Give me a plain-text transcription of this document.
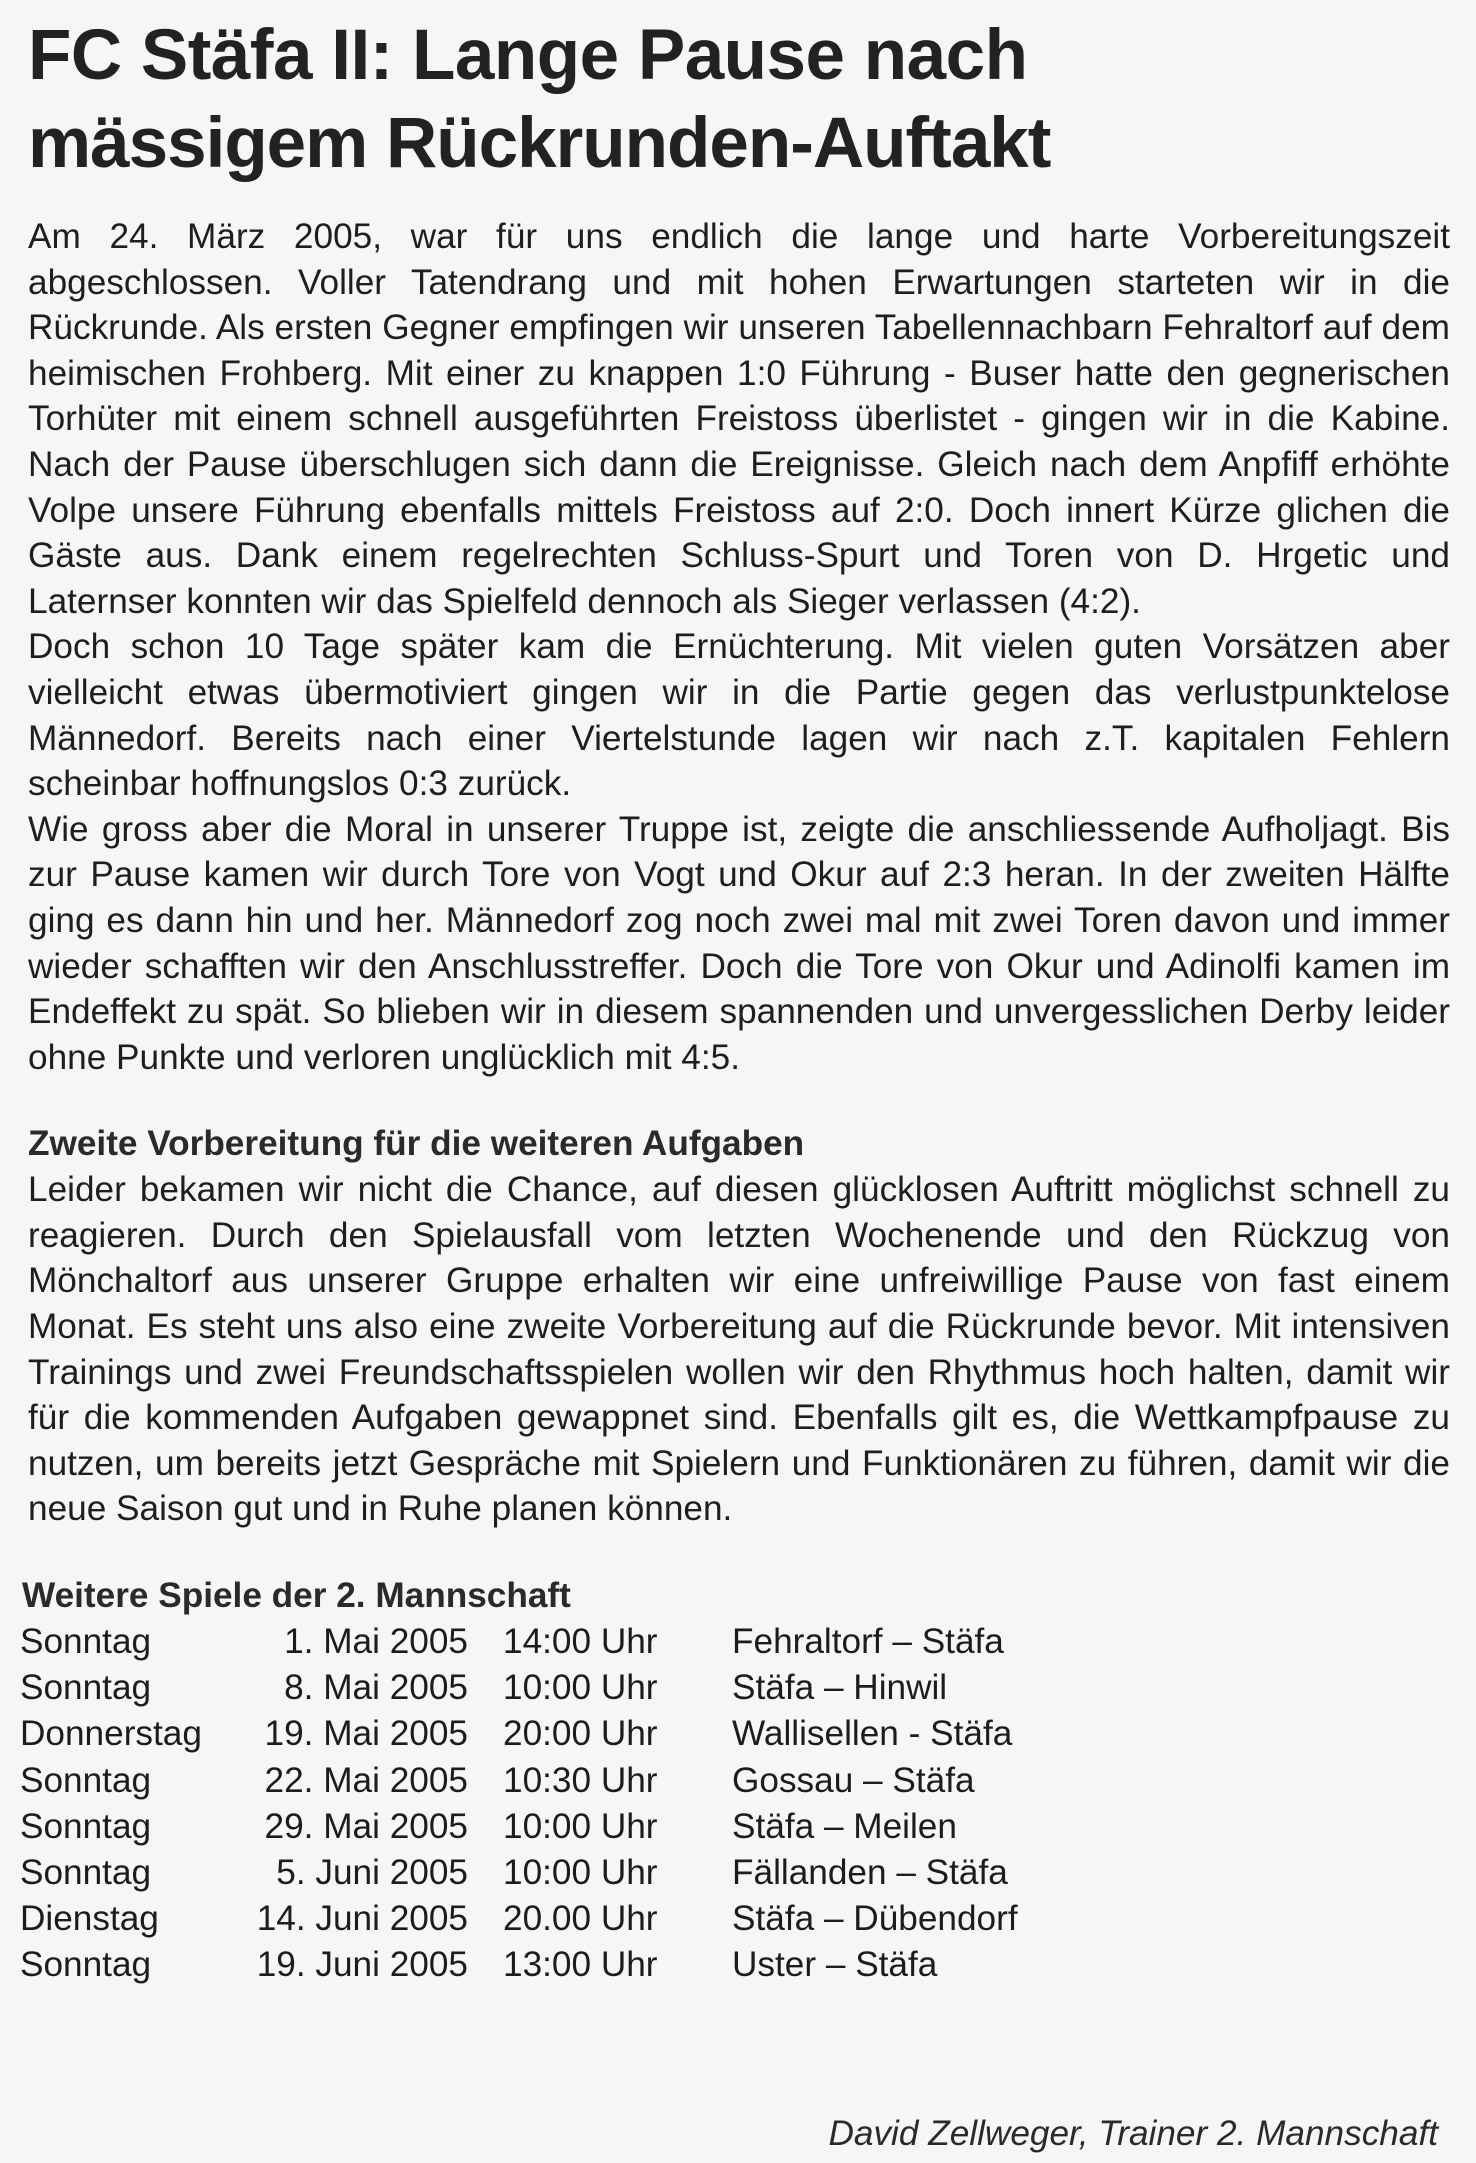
FC Stäfa II: Lange Pause nach
mässigem Rückrunden-Auftakt

Am 24. März 2005, war für uns endlich die lange und harte Vorbereitungszeit abgeschlossen. Voller Tatendrang und mit hohen Erwartungen starteten wir in die Rückrunde. Als ersten Gegner empfingen wir unseren Tabellennachbarn Fehraltorf auf dem heimischen Frohberg. Mit einer zu knappen 1:0 Führung - Buser hatte den gegnerischen Torhüter mit einem schnell ausgeführten Freistoss überlistet - gingen wir in die Kabine. Nach der Pause überschlugen sich dann die Ereignisse. Gleich nach dem Anpfiff erhöhte Volpe unsere Führung ebenfalls mittels Freistoss auf 2:0. Doch innert Kürze glichen die Gäste aus. Dank einem regelrechten Schluss-Spurt und Toren von D. Hrgetic und Laternser konnten wir das Spielfeld dennoch als Sieger verlassen (4:2).

Doch schon 10 Tage später kam die Ernüchterung. Mit vielen guten Vorsätzen aber vielleicht etwas übermotiviert gingen wir in die Partie gegen das verlustpunktelose Männedorf. Bereits nach einer Viertelstunde lagen wir nach z.T. kapitalen Fehlern scheinbar hoffnungslos 0:3 zurück.

Wie gross aber die Moral in unserer Truppe ist, zeigte die anschliessende Aufholjagt. Bis zur Pause kamen wir durch Tore von Vogt und Okur auf 2:3 heran. In der zweiten Hälfte ging es dann hin und her. Männedorf zog noch zwei mal mit zwei Toren davon und immer wieder schafften wir den Anschlusstreffer. Doch die Tore von Okur und Adinolfi kamen im Endeffekt zu spät. So blieben wir in diesem spannenden und unvergesslichen Derby leider ohne Punkte und verloren unglücklich mit 4:5.

Zweite Vorbereitung für die weiteren Aufgaben

Leider bekamen wir nicht die Chance, auf diesen glücklosen Auftritt möglichst schnell zu reagieren. Durch den Spielausfall vom letzten Wochenende und den Rückzug von Mönchaltorf aus unserer Gruppe erhalten wir eine unfreiwillige Pause von fast einem Monat. Es steht uns also eine zweite Vorbereitung auf die Rückrunde bevor. Mit intensiven Trainings und zwei Freundschaftsspielen wollen wir den Rhythmus hoch halten, damit wir für die kommenden Aufgaben gewappnet sind. Ebenfalls gilt es, die Wettkampfpause zu nutzen, um bereits jetzt Gespräche mit Spielern und Funktionären zu führen, damit wir die neue Saison gut und in Ruhe planen können.

Weitere Spiele der 2. Mannschaft
Sonntag	1. Mai 2005 14:00 Uhr Fehraltorf – Stäfa
Sonntag	8. Mai 2005 10:00 Uhr Stäfa – Hinwil
Donnerstag	19. Mai 2005 20:00 Uhr Wallisellen - Stäfa
Sonntag	22. Mai 2005 10:30 Uhr Gossau – Stäfa
Sonntag	29. Mai 2005 10:00 Uhr Stäfa – Meilen
Sonntag	5. Juni 2005 10:00 Uhr Fällanden – Stäfa
Dienstag	14. Juni 2005 20.00 Uhr Stäfa – Dübendorf
Sonntag	19. Juni 2005 13:00 Uhr Uster – Stäfa
David Zellweger, Trainer 2. Mannschaft
